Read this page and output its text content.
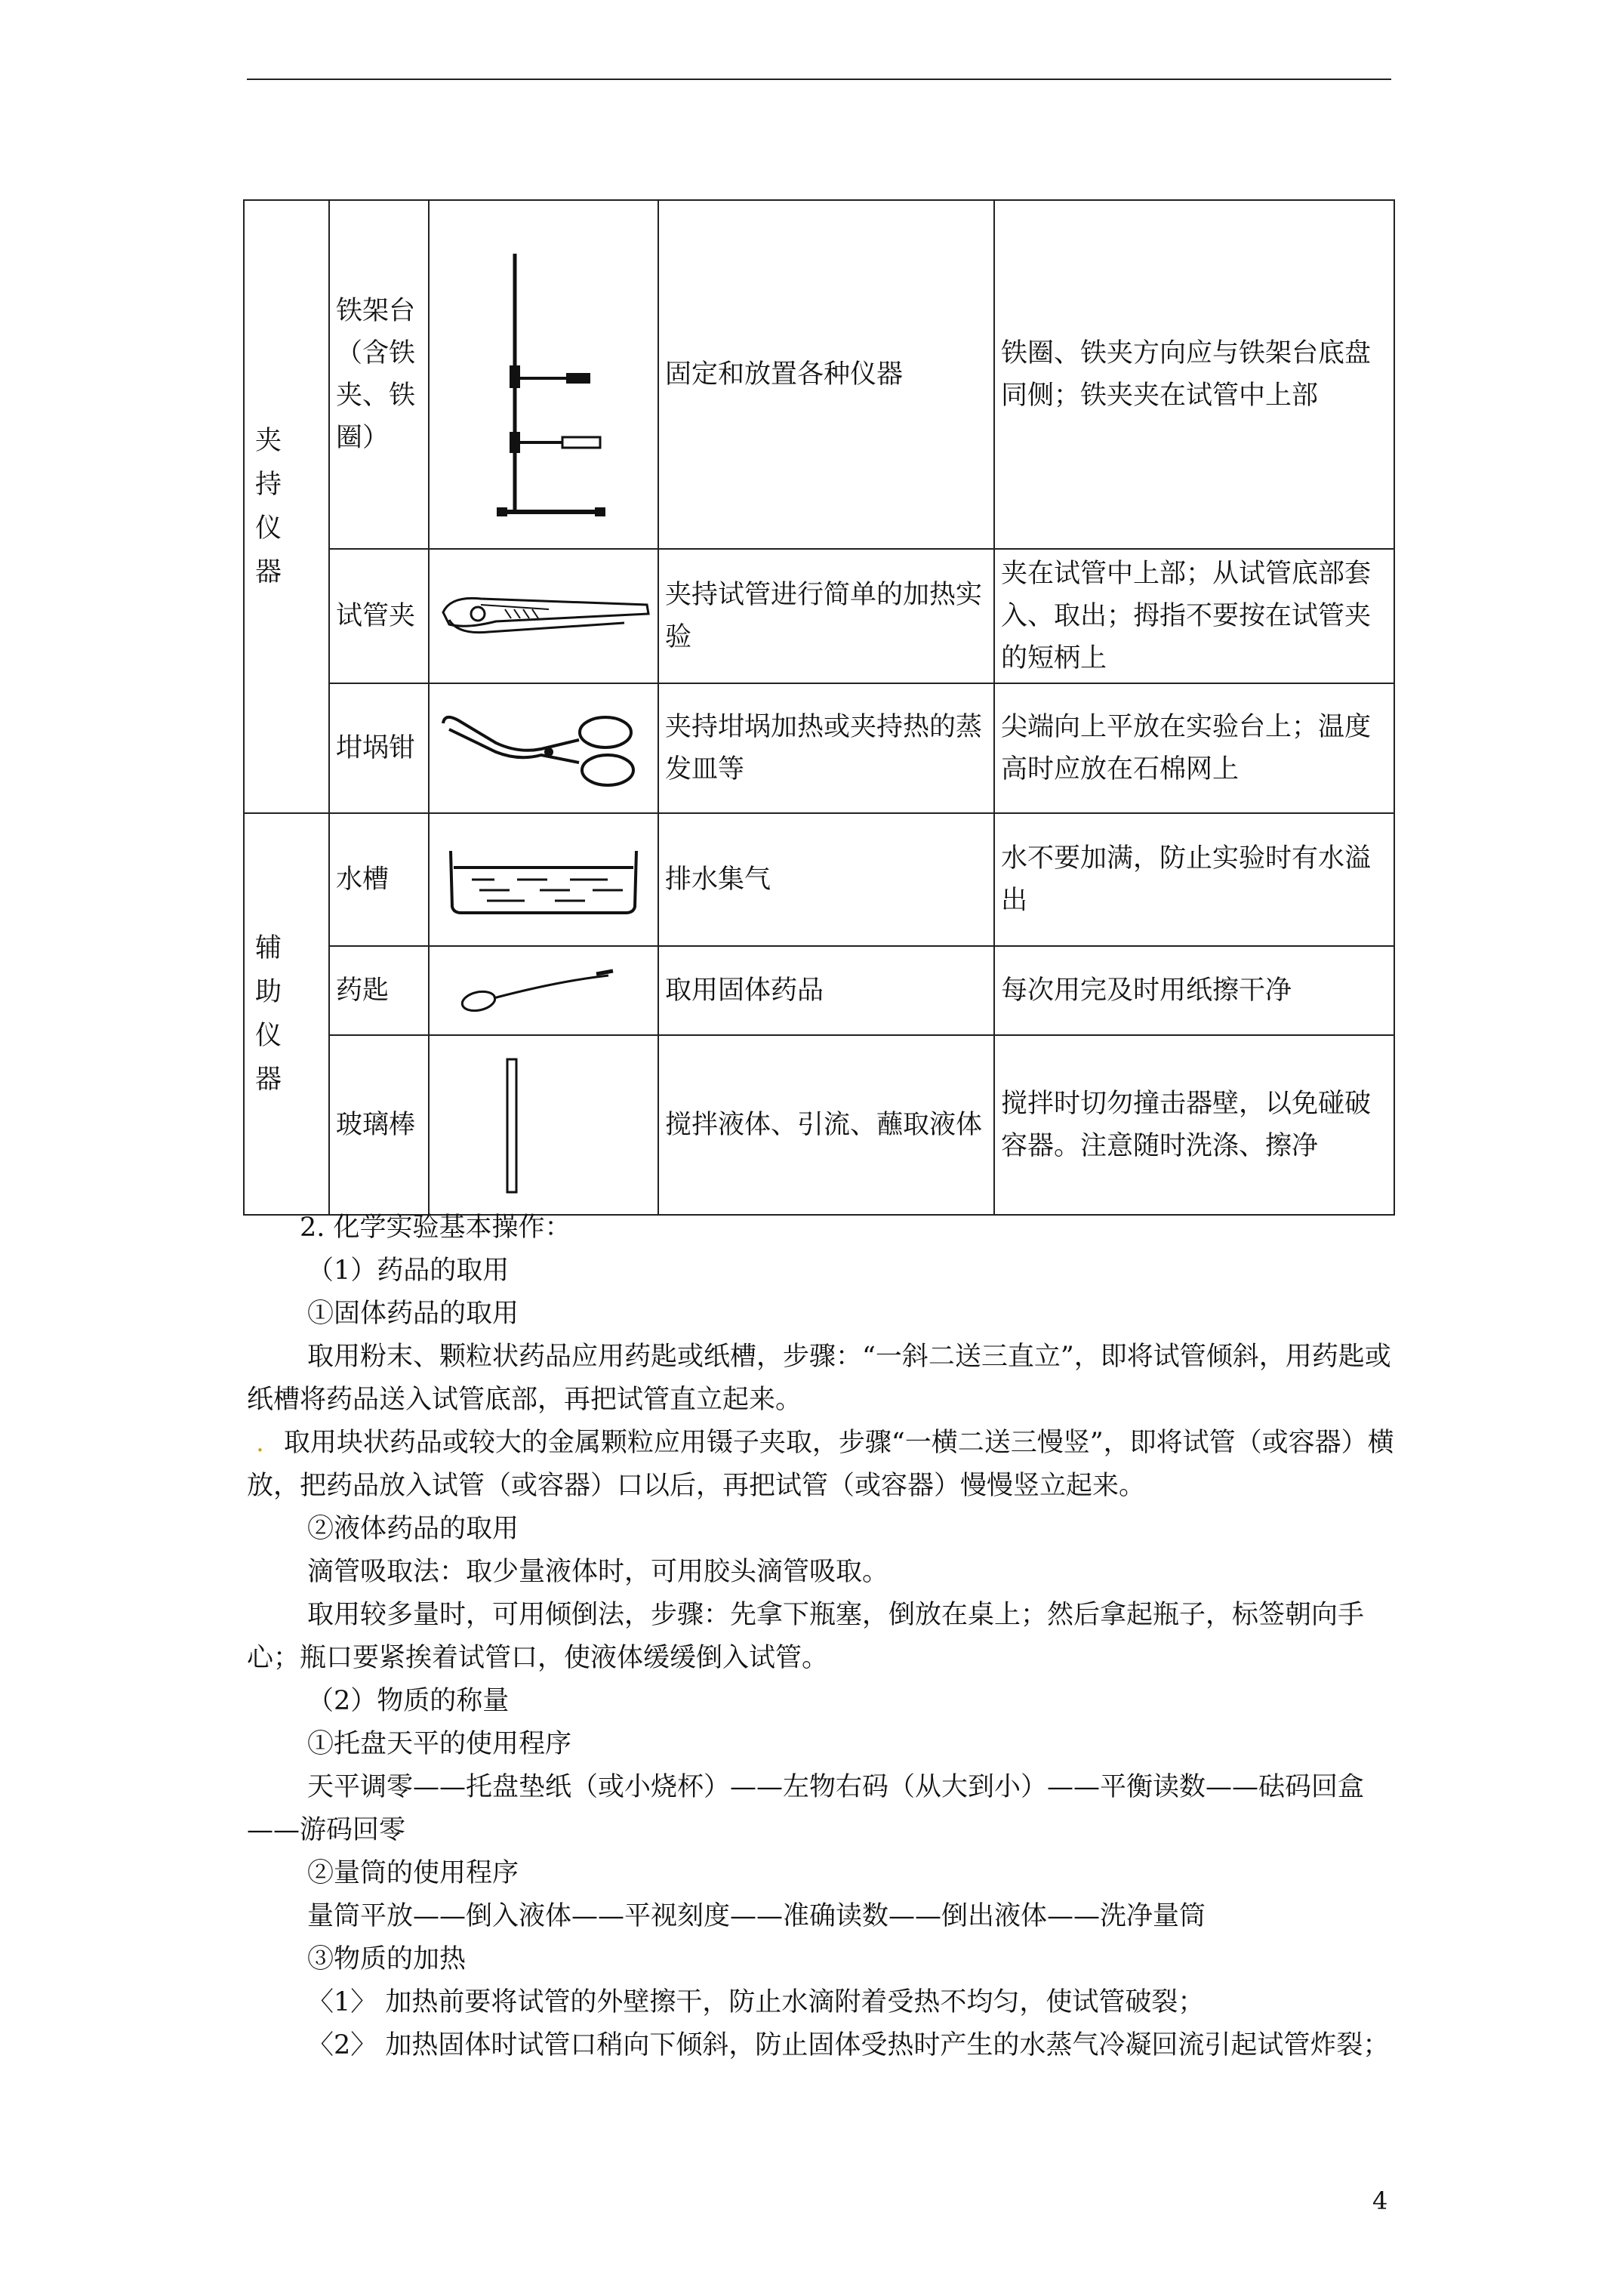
夹
持
仪
器	铁架台（含铁夹、铁圈）		固定和放置各种仪器	铁圈、铁夹方向应与铁架台底盘同侧；铁夹夹在试管中上部
	试管夹		夹持试管进行简单的加热实验	夹在试管中上部；从试管底部套入、取出；拇指不要按在试管夹的短柄上
	坩埚钳		夹持坩埚加热或夹持热的蒸发皿等	尖端向上平放在实验台上；温度高时应放在石棉网上

辅
助
仪
器	水槽		排水集气	水不要加满，防止实验时有水溢出
	药匙		取用固体药品	每次用完及时用纸擦干净
	玻璃棒		搅拌液体、引流、蘸取液体	搅拌时切勿撞击器壁，以免碰破容器。注意随时洗涤、擦净

2. 化学实验基本操作：

（1）药品的取用

①固体药品的取用

取用粉末、颗粒状药品应用药匙或纸槽，步骤：“一斜二送三直立”，即将试管倾斜，用药匙或纸槽将药品送入试管底部，再把试管直立起来。

. 取用块状药品或较大的金属颗粒应用镊子夹取，步骤“一横二送三慢竖”，即将试管（或容器）横放，把药品放入试管（或容器）口以后，再把试管（或容器）慢慢竖立起来。

②液体药品的取用

滴管吸取法：取少量液体时，可用胶头滴管吸取。

取用较多量时，可用倾倒法，步骤：先拿下瓶塞，倒放在桌上；然后拿起瓶子，标签朝向手心；瓶口要紧挨着试管口，使液体缓缓倒入试管。

（2）物质的称量

①托盘天平的使用程序

天平调零——托盘垫纸（或小烧杯）——左物右码（从大到小）——平衡读数——砝码回盒——游码回零

②量筒的使用程序

量筒平放——倒入液体——平视刻度——准确读数——倒出液体——洗净量筒

③物质的加热

〈1〉 加热前要将试管的外壁擦干，防止水滴附着受热不均匀，使试管破裂；

〈2〉 加热固体时试管口稍向下倾斜，防止固体受热时产生的水蒸气冷凝回流引起试管炸裂；

4
